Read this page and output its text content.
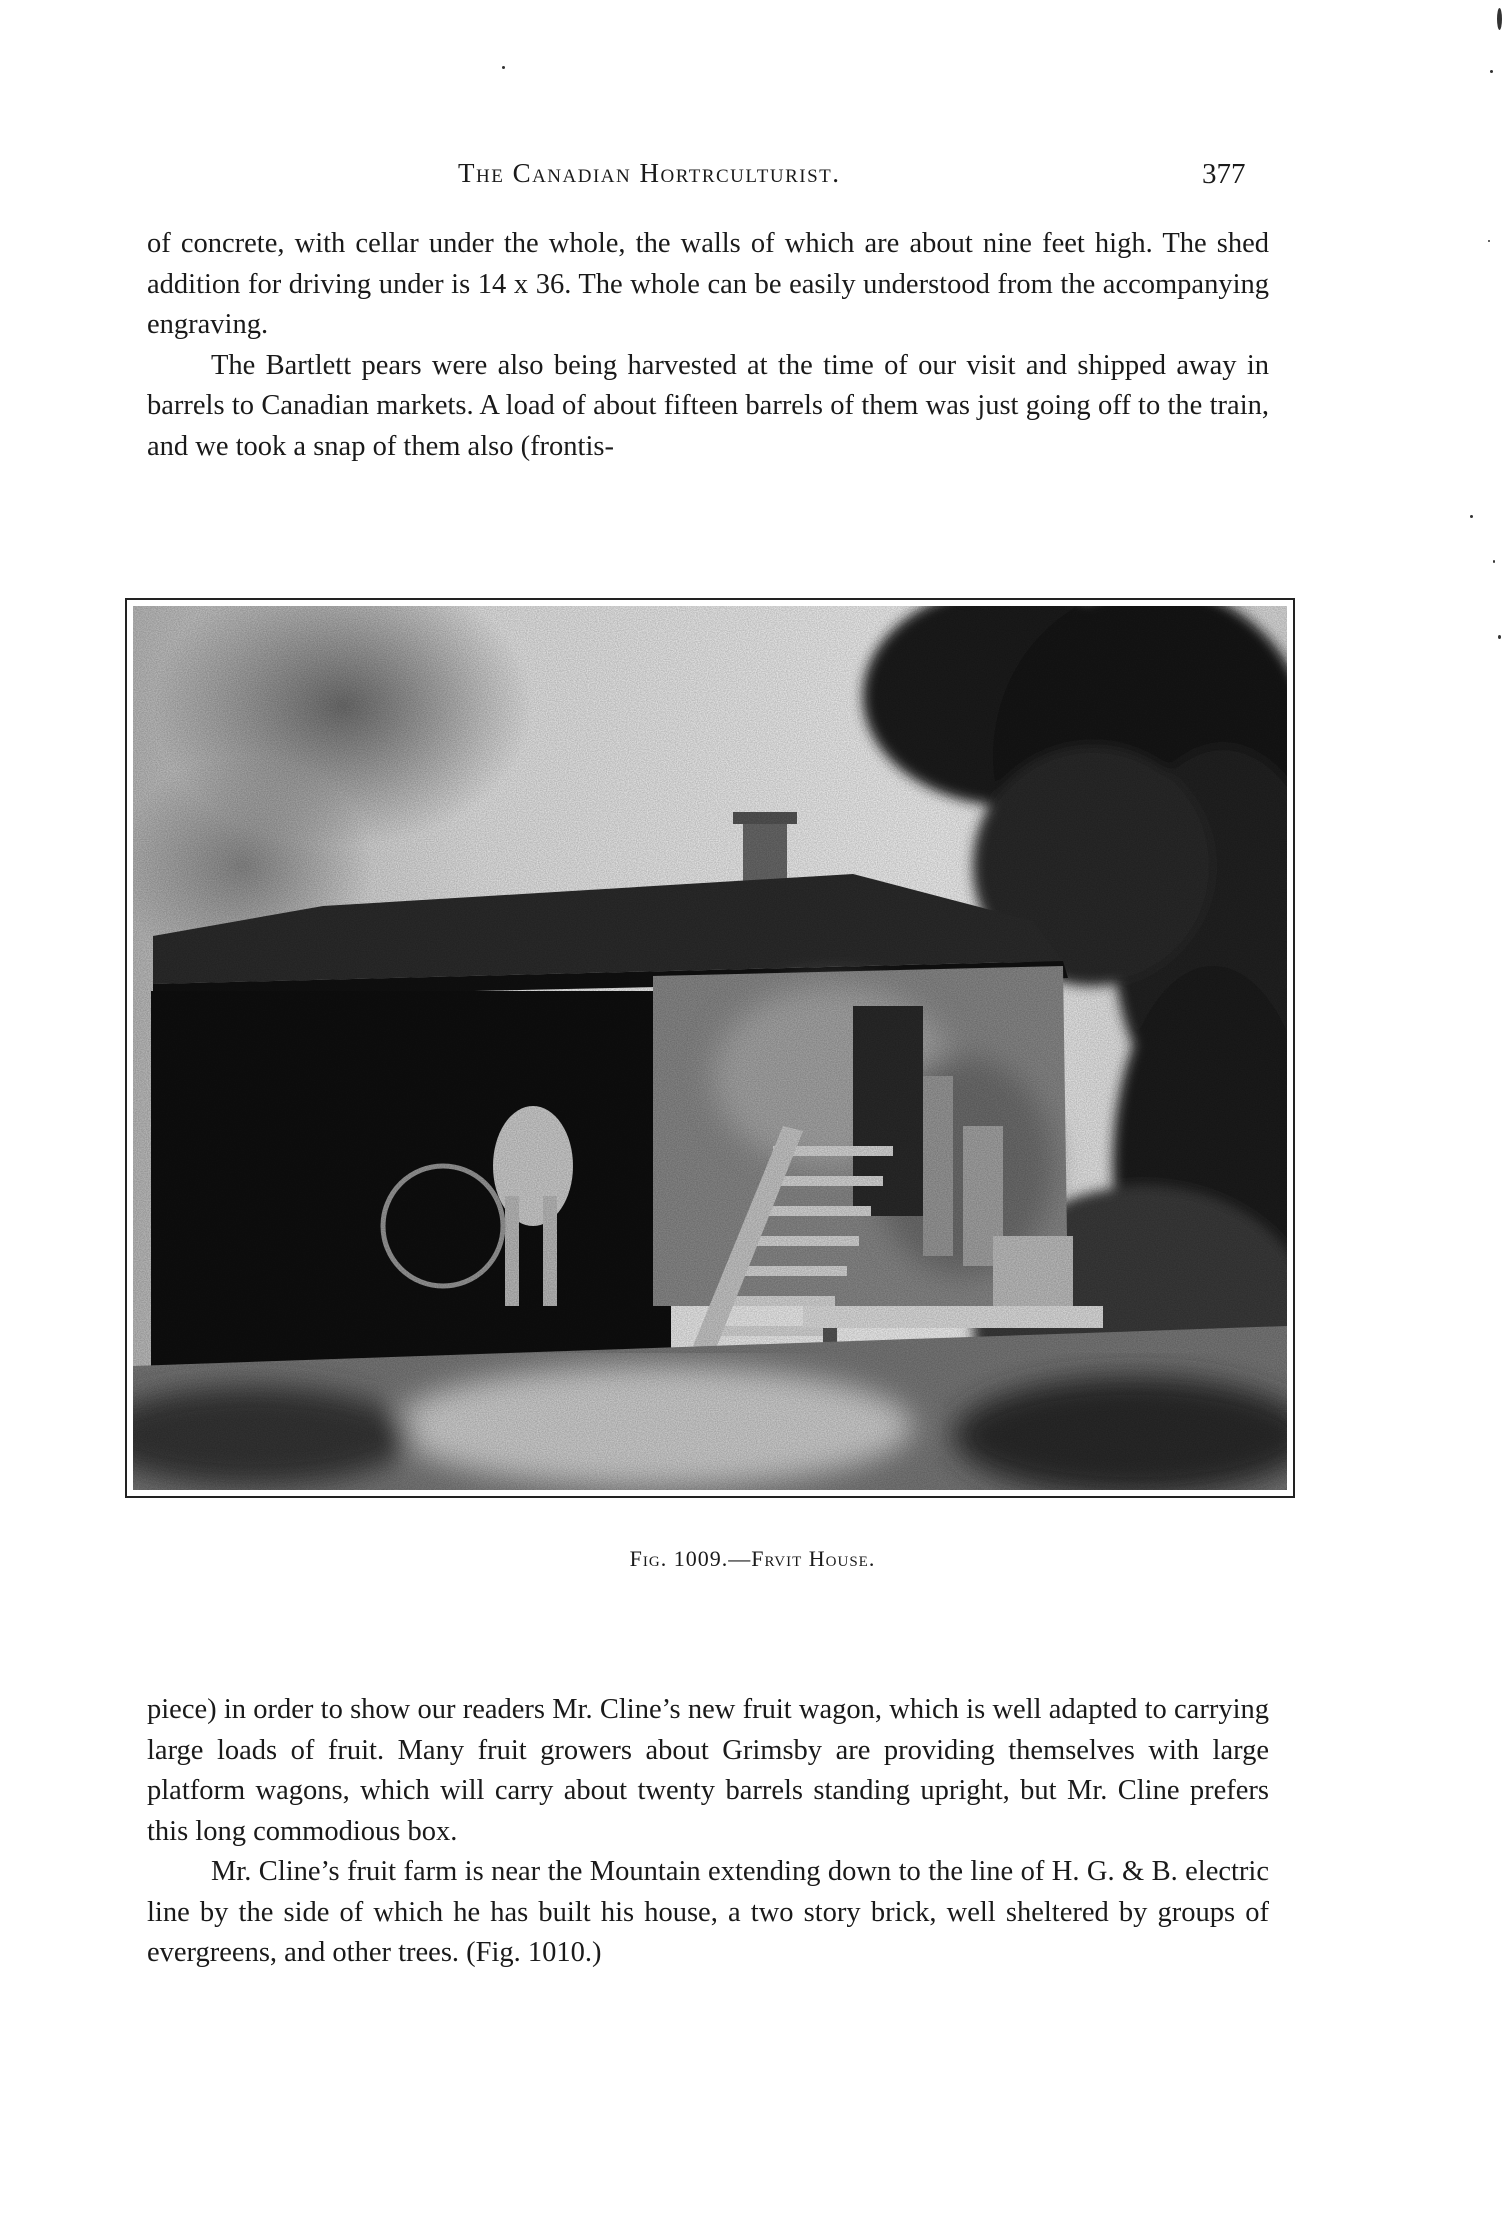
The Canadian Hortrculturist.	377

of concrete, with cellar under the whole, the walls of which are about nine feet high. The shed addition for driving under is 14 x 36. The whole can be easily understood from the accompanying engraving.

The Bartlett pears were also being harvested at the time of our visit and shipped away in barrels to Canadian markets. A load of about fifteen barrels of them was just going off to the train, and we took a snap of them also (frontis-

Fig. 1009.—Frvit House.

piece) in order to show our readers Mr. Cline’s new fruit wagon, which is well adapted to carrying large loads of fruit. Many fruit growers about Grimsby are providing themselves with large platform wagons, which will carry about twenty barrels standing upright, but Mr. Cline prefers this long commodious box.

Mr. Cline’s fruit farm is near the Mountain extending down to the line of H. G. & B. electric line by the side of which he has built his house, a two story brick, well sheltered by groups of evergreens, and other trees. (Fig. 1010.)
